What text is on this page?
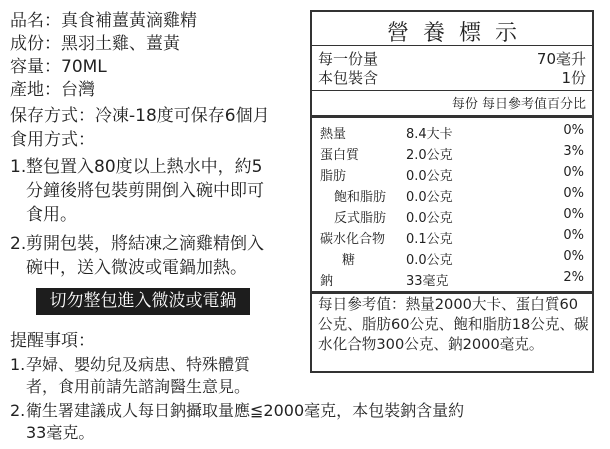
品名：真食補薑黃滴雞精
成份：黑羽土雞、薑黃
容量：70ML
產地：台灣
保存方式：冷凍-18度可保存6個月
食用方式：
1. 整包置入80度以上熱水中，約5
分鐘後將包裝剪開倒入碗中即可
食用。
2. 剪開包裝，將結凍之滴雞精倒入
碗中，送入微波或電鍋加熱。
切勿整包進入微波或電鍋
提醒事項：
1. 孕婦、嬰幼兒及病患、特殊體質
者，食用前請先諮詢醫生意見。
2. 衛生署建議成人每日鈉攝取量應≦2000毫克，本包裝鈉含量約
33毫克。
營養標示
每一份量	70毫升
本包裝含	1份
每份 每日參考值百分比
熱量	8.4大卡	0%
蛋白質	2.0公克	3%
脂肪	0.0公克	0%
飽和脂肪 0.0公克	0%
反式脂肪 0.0公克	0%
碳水化合物 0.1公克	0%
糖	0.0公克	0%
鈉	33毫克	2%
每日參考值：熱量2000大卡、蛋白質60公克、脂肪60公克、飽和脂肪18公克、碳水化合物300公克、鈉2000毫克。
